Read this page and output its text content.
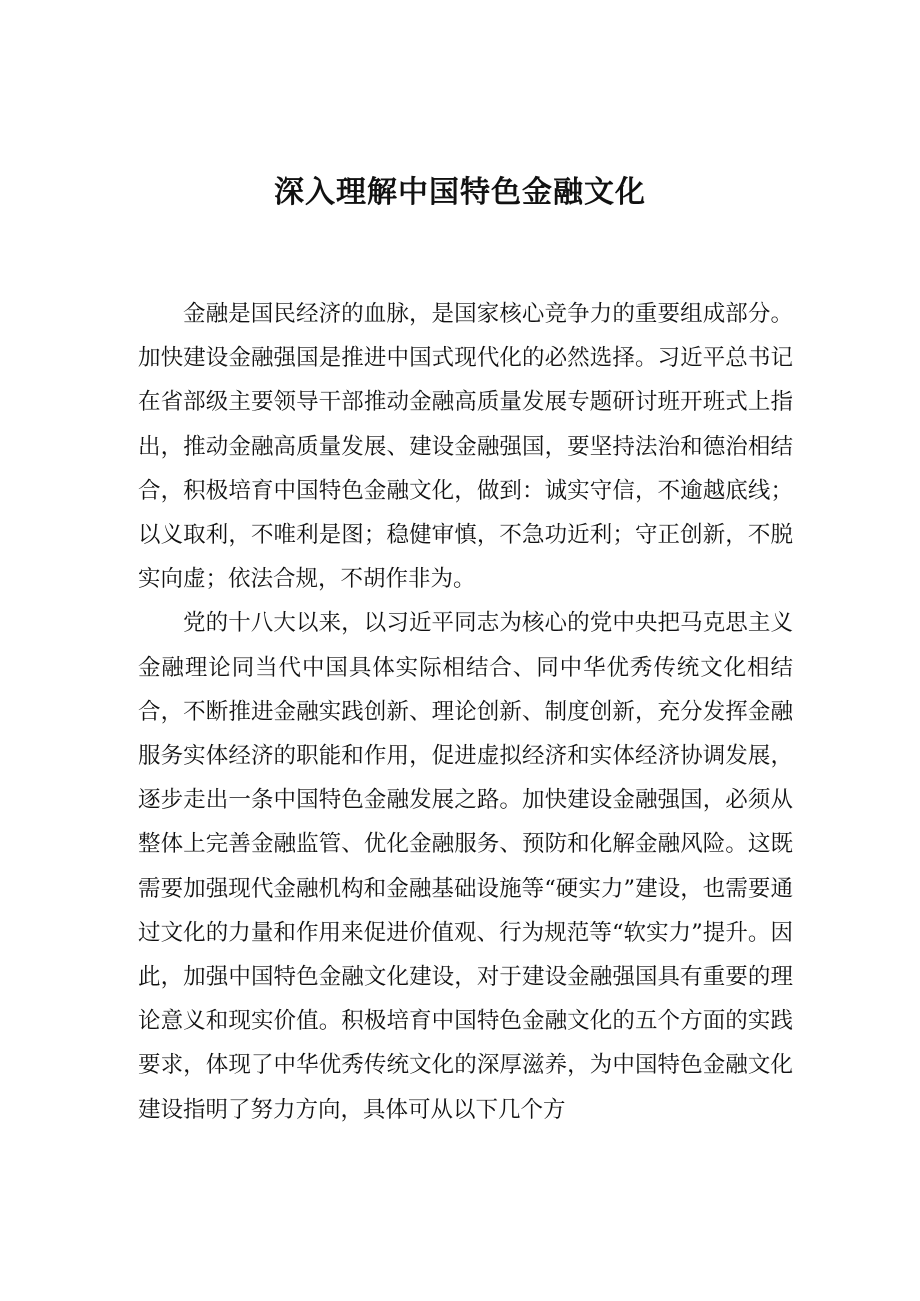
深入理解中国特色金融文化

金融是国民经济的血脉，是国家核心竞争力的重要组成部分。加快建设金融强国是推进中国式现代化的必然选择。习近平总书记在省部级主要领导干部推动金融高质量发展专题研讨班开班式上指出，推动金融高质量发展、建设金融强国，要坚持法治和德治相结合，积极培育中国特色金融文化，做到：诚实守信，不逾越底线；以义取利，不唯利是图；稳健审慎，不急功近利；守正创新，不脱实向虚；依法合规，不胡作非为。

党的十八大以来，以习近平同志为核心的党中央把马克思主义金融理论同当代中国具体实际相结合、同中华优秀传统文化相结合，不断推进金融实践创新、理论创新、制度创新，充分发挥金融服务实体经济的职能和作用，促进虚拟经济和实体经济协调发展，逐步走出一条中国特色金融发展之路。加快建设金融强国，必须从整体上完善金融监管、优化金融服务、预防和化解金融风险。这既需要加强现代金融机构和金融基础设施等“硬实力”建设，也需要通过文化的力量和作用来促进价值观、行为规范等“软实力”提升。因此，加强中国特色金融文化建设，对于建设金融强国具有重要的理论意义和现实价值。积极培育中国特色金融文化的五个方面的实践要求，体现了中华优秀传统文化的深厚滋养，为中国特色金融文化建设指明了努力方向，具体可从以下几个方
